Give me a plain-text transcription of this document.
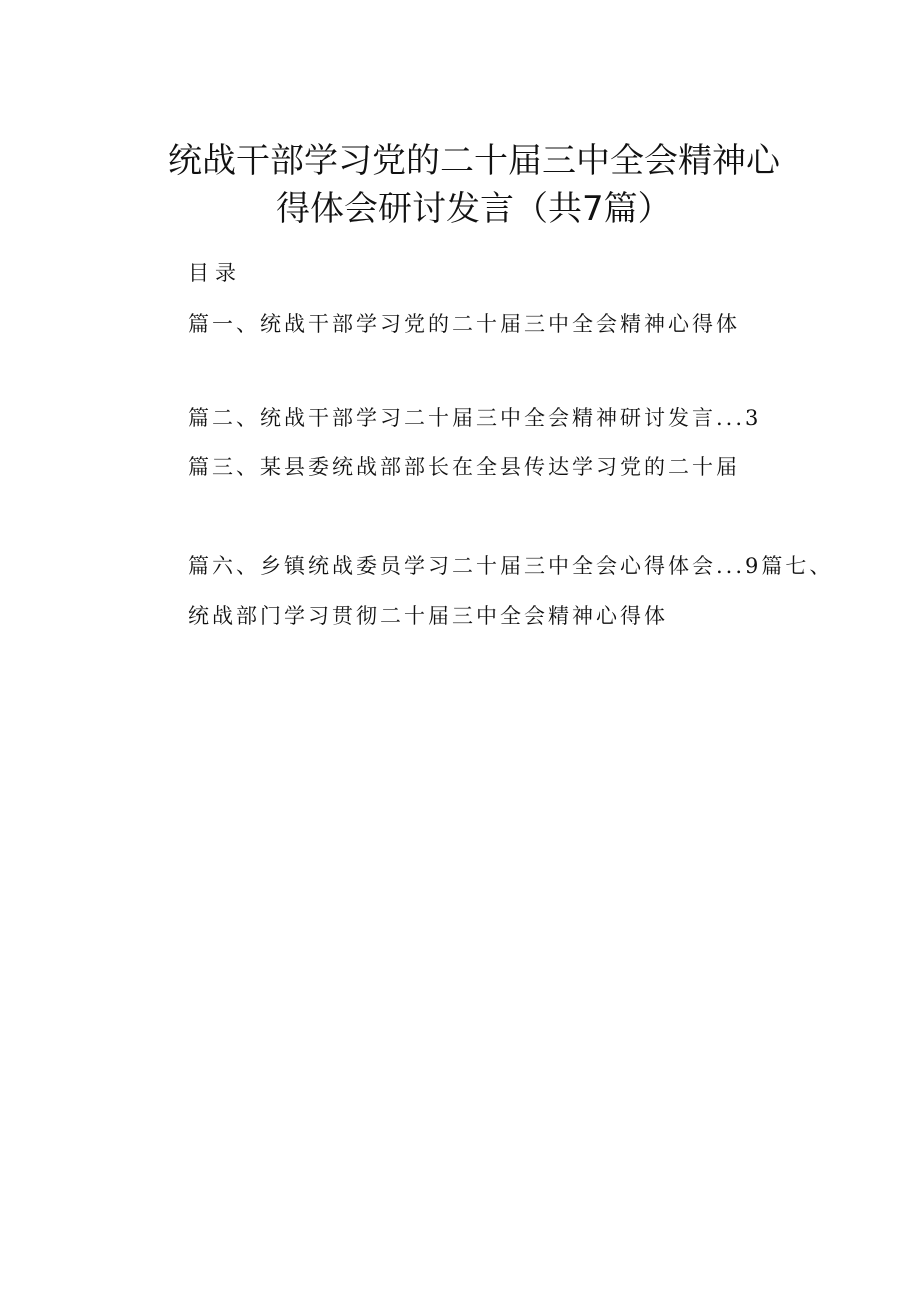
统战干部学习党的二十届三中全会精神心
得体会研讨发言（共7篇）
目录
篇一、统战干部学习党的二十届三中全会精神心得体
篇二、统战干部学习二十届三中全会精神研讨发言...3
篇三、某县委统战部部长在全县传达学习党的二十届
篇六、乡镇统战委员学习二十届三中全会心得体会...9篇七、
统战部门学习贯彻二十届三中全会精神心得体
